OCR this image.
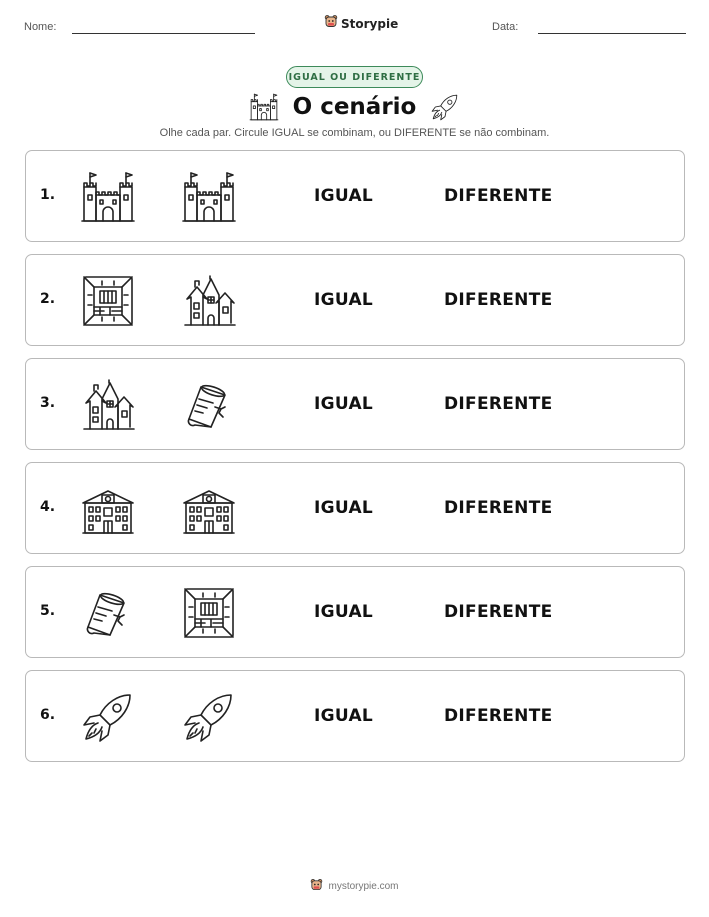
Nome:	Storypie	Data:
IGUAL OU DIFERENTE
O cenário
Olhe cada par. Circule IGUAL se combinam, ou DIFERENTE se não combinam.
1.	IGUAL	DIFERENTE
2.	IGUAL	DIFERENTE
3.	IGUAL	DIFERENTE
4.	IGUAL	DIFERENTE
5.	IGUAL	DIFERENTE
6.	IGUAL	DIFERENTE
mystorypie.com
